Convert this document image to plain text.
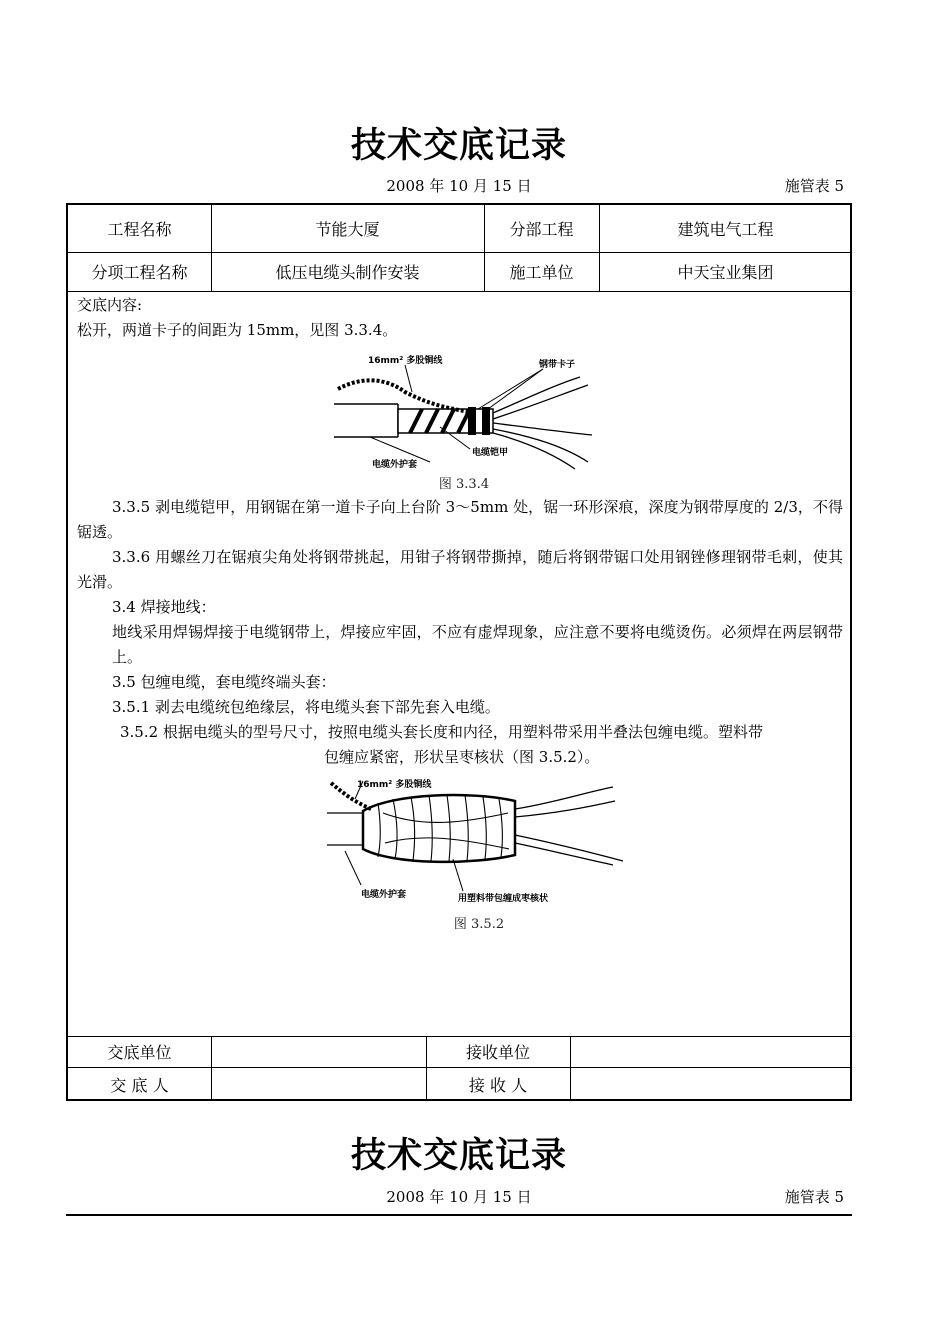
技术交底记录
2008 年 10 月 15 日	施管表 5
工程名称	节能大厦	分部工程	建筑电气工程
分项工程名称	低压电缆头制作安装	施工单位	中天宝业集团
交底内容:
松开，两道卡子的间距为 15mm，见图 3.3.4。
16mm² 多股铜线	钢带卡子
电缆铠甲
电缆外护套
图 3.3.4
3.3.5 剥电缆铠甲，用钢锯在第一道卡子向上台阶 3～5mm 处，锯一环形深痕，深度为钢带厚度的 2/3，不得锯透。
3.3.6 用螺丝刀在锯痕尖角处将钢带挑起，用钳子将钢带撕掉，随后将钢带锯口处用钢锉修理钢带毛刺，使其光滑。
3.4 焊接地线：
地线采用焊锡焊接于电缆钢带上，焊接应牢固，不应有虚焊现象，应注意不要将电缆烫伤。必须焊在两层钢带上。
3.5 包缠电缆，套电缆终端头套：
3.5.1 剥去电缆统包绝缘层，将电缆头套下部先套入电缆。
3.5.2 根据电缆头的型号尺寸，按照电缆头套长度和内径，用塑料带采用半叠法包缠电缆。塑料带
包缠应紧密，形状呈枣核状（图 3.5.2）。
16mm² 多股铜线
电缆外护套	用塑料带包缠成枣核状
图 3.5.2
交底单位	接收单位
交 底 人	接 收 人
技术交底记录
2008 年 10 月 15 日	施管表 5
